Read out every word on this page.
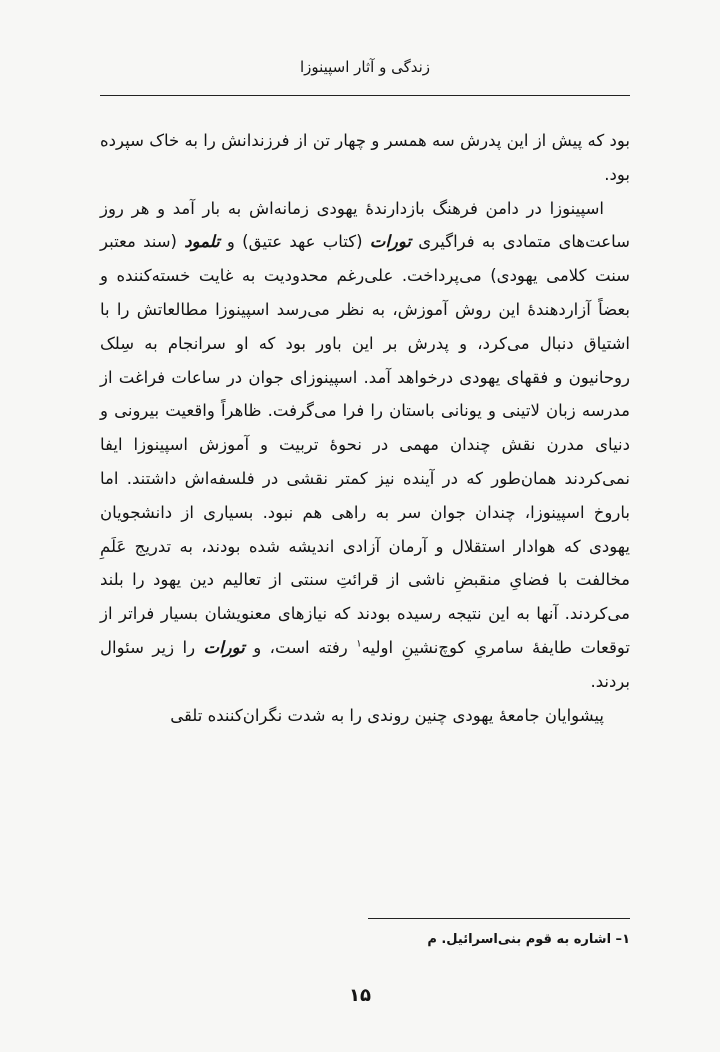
زندگی و آثار اسپینوزا

بود که پیش از این پدرش سه همسر و چهار تن از فرزندانش را به خاک سپرده بود.

اسپینوزا در دامن فرهنگ بازدارندهٔ یهودی زمانه‌اش به بار آمد و هر روز ساعت‌های متمادی به فراگیری تورات (کتاب عهد عتیق) و تلمود (سند معتبر سنت کلامی یهودی) می‌پرداخت. علی‌رغم محدودیت به غایت خسته‌کننده و بعضاً آزاردهندهٔ این روش آموزش، به نظر می‌رسد اسپینوزا مطالعاتش را با اشتیاق دنبال می‌کرد، و پدرش بر این باور بود که او سرانجام به سِلک روحانیون و فقهای یهودی درخواهد آمد. اسپینوزای جوان در ساعات فراغت از مدرسه زبان لاتینی و یونانی باستان را فرا می‌گرفت. ظاهراً واقعیت بیرونی و دنیای مدرن نقش چندان مهمی در نحوهٔ تربیت و آموزش اسپینوزا ایفا نمی‌کردند همان‌طور که در آینده نیز کمتر نقشی در فلسفه‌اش داشتند. اما باروخ اسپینوزا، چندان جوان سر به راهی هم نبود. بسیاری از دانشجویان یهودی که هوادار استقلال و آرمان آزادی اندیشه شده بودند، به تدریج عَلَمِ مخالفت با فضایِ منقبضِ ناشی از قرائتِ سنتی از تعالیم دین یهود را بلند می‌کردند. آنها به این نتیجه رسیده بودند که نیازهای معنویشان بسیار فراتر از توقعات طایفهٔ سامریِ کوچ‌نشینِ اولیه$^۱$ رفته است، و تورات را زیر سئوال بردند.

پیشوایان جامعهٔ یهودی چنین روندی را به شدت نگران‌کننده تلقی

۱– اشاره به قوم بنی‌اسرائیل. م
۱۵
